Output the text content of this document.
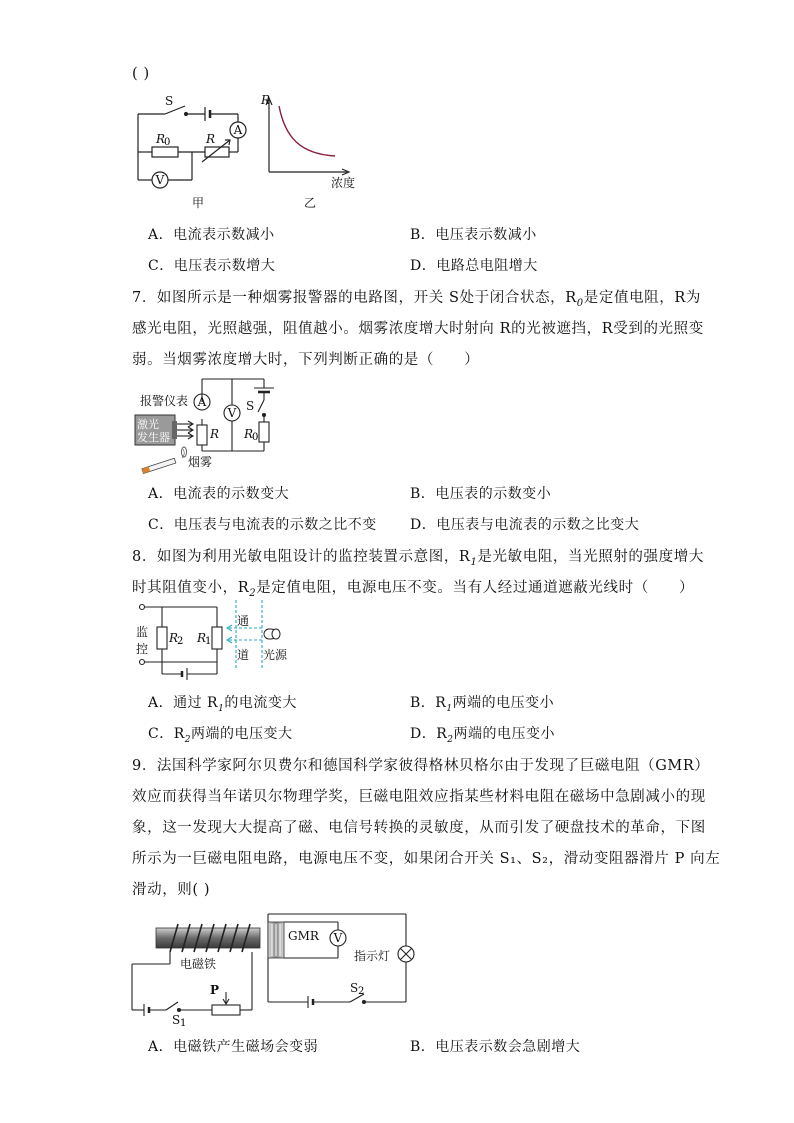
( )
S
A
R
0	R
V
甲
R
浓度
乙
A．电流表示数减小	B．电压表示数减小
C．电压表示数增大	D．电路总电阻增大
7．如图所示是一种烟雾报警器的电路图，开关 S处于闭合状态，$R_0$是定值电阻，R为
感光电阻，光照越强，阻值越小。烟雾浓度增大时射向 R的光被遮挡，R受到的光照变
弱。当烟雾浓度增大时，下列判断正确的是（　　）
报警仪表 A
V S
R R
0
激光
发生器
烟雾
A．电流表的示数变大	B．电压表的示数变小
C．电压表与电流表的示数之比不变 D．电压表与电流表的示数之比变大
8．如图为利用光敏电阻设计的监控装置示意图，$R_1$是光敏电阻，当光照射的强度增大
时其阻值变小，$R_2$是定值电阻，电源电压不变。当有人经过通道遮蔽光线时（　　）
监
控
R
2 R
1
通
道 光源
A．通过 $R_1$的电流变大	B．$R_1$两端的电压变小
C．$R_2$两端的电压变大	D．$R_2$两端的电压变小
9．法国科学家阿尔贝费尔和德国科学家彼得格林贝格尔由于发现了巨磁电阻（GMR）
效应而获得当年诺贝尔物理学奖，巨磁电阻效应指某些材料电阻在磁场中急剧减小的现
象，这一发现大大提高了磁、电信号转换的灵敏度，从而引发了硬盘技术的革命，下图
所示为一巨磁电阻电路，电源电压不变，如果闭合开关 S₁、S₂，滑动变阻器滑片 P 向左
滑动，则( )
电磁铁
P
S 1
GMR V
指示灯
S 2
A．电磁铁产生磁场会变弱	B．电压表示数会急剧增大
